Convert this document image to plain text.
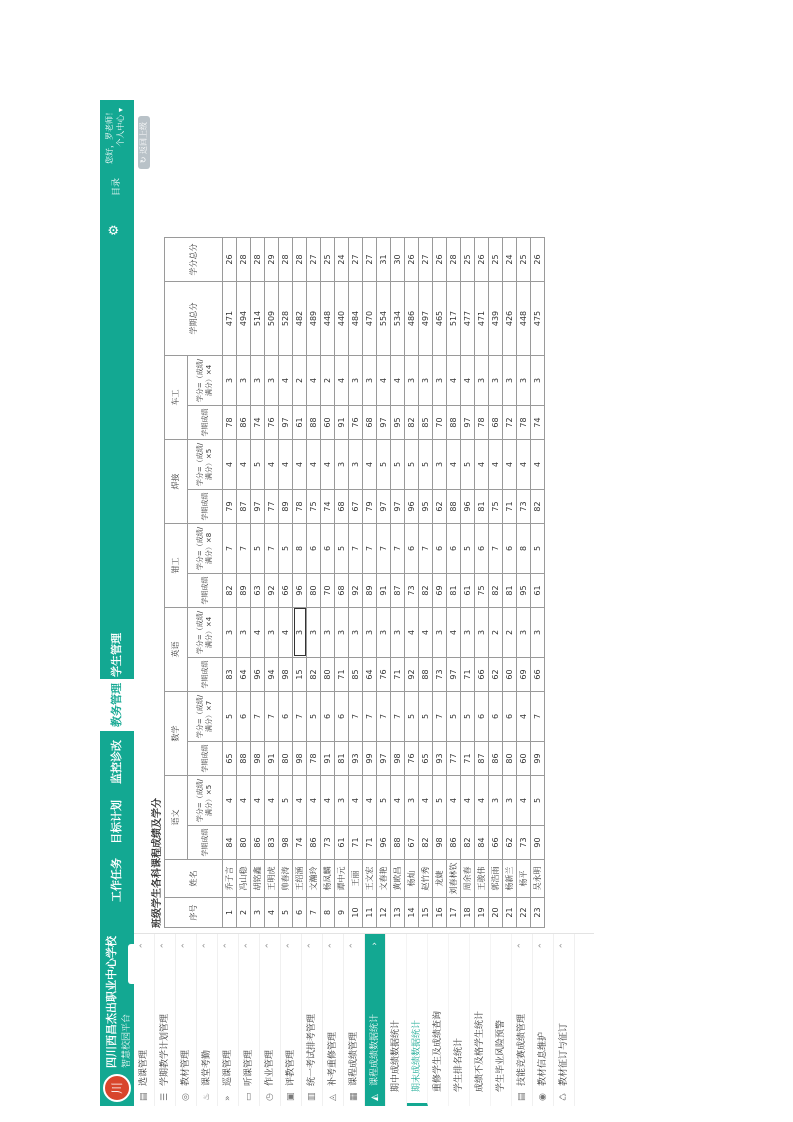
川
四川西昌杰出职业中心学校 智慧校园平台
工作任务
目标计划
监控诊改
教务管理
学生管理
⚙
目录
您好，罗老师！ 个人中心 ▾
▤
选课管理
⌃
☰
学期教学计划管理
⌃
◎
教材管理
⌃
♨
课堂考勤
⌃
»
巡课管理
⌃
▭
听课管理
⌃
◷
作业管理
⌃
▣
评教管理
⌃
▥
统一考试排考管理
⌃
◬
补考重修管理
⌃
▦
课程成绩管理
⌃
◭
课程成绩数据统计
›
期中成绩数据统计	期末成绩数据统计	重修学生及成绩查询	学生排名统计	成绩不及格学生统计	学生毕业风险预警
▤
技能竞赛成绩管理
⌃
◉
教材信息维护
⌃
♺
教材征订与征订
⌃
↻ 返回上级
班级学生各科课程成绩及学分	序号	姓名	语文		数学		英语		钳工		焊接		车工		学期总分	学分总分
		学期成绩	学分=（成绩/满分）×5	学期成绩	学分=（成绩/满分）×7	学期成绩	学分=（成绩/满分）×4	学期成绩	学分=（成绩/满分）×8	学期成绩	学分=（成绩/满分）×5	学期成绩	学分=（成绩/满分）×4		
1	乔子言	84	4	65	5	83	3	82	7	79	4	78	3	471	26
2	冯山稳	80	4	88	6	64	3	89	7	87	4	86	3	494	28
3	胡铭鑫	86	4	98	7	96	4	63	5	97	5	74	3	514	28
4	王明虎	83	4	91	7	94	3	92	7	77	4	76	3	509	29
5	帅春涛	98	5	80	6	98	4	66	5	89	4	97	4	528	28
6	王绍涵	74	4	98	7	15	3	96	8	78	4	61	2	482	28
7	文瀚玲	86	4	78	5	82	3	80	6	75	4	88	4	489	27
8	杨凤麟	73	4	91	6	80	3	70	6	74	4	60	2	448	25
9	谭中元	61	3	81	6	71	3	68	5	68	3	91	4	440	24
10	王丽	71	4	93	7	85	3	92	7	67	3	76	3	484	27
11	王文宏	71	4	99	7	64	3	89	7	79	4	68	3	470	27
12	文春艳	96	5	97	7	76	3	91	7	97	5	97	4	554	31
13	黄欧昌	88	4	98	7	71	3	87	7	97	5	95	4	534	30
14	杨灿	67	3	76	5	92	4	73	6	96	5	82	3	486	26
15	赵竹秀	82	4	65	5	88	4	82	7	95	5	85	3	497	27
16	龙婕	98	5	93	7	73	3	69	6	62	3	70	3	465	26
17	刘春林钦	86	4	77	5	97	4	81	6	88	4	88	4	517	28
18	周余春	82	4	71	5	71	3	61	5	96	5	97	4	477	25
19	王骏伟	84	4	87	6	66	3	75	6	81	4	78	3	471	26
20	郭浩雨	66	3	86	6	62	2	82	7	75	4	68	3	439	25
21	杨新兰	62	3	80	6	60	2	81	6	71	4	72	3	426	24
22	杨平	73	4	60	4	69	3	95	8	73	4	78	3	448	25
23	吴永明	90	5	99	7	66	3	61	5	82	4	74	3	475	26
